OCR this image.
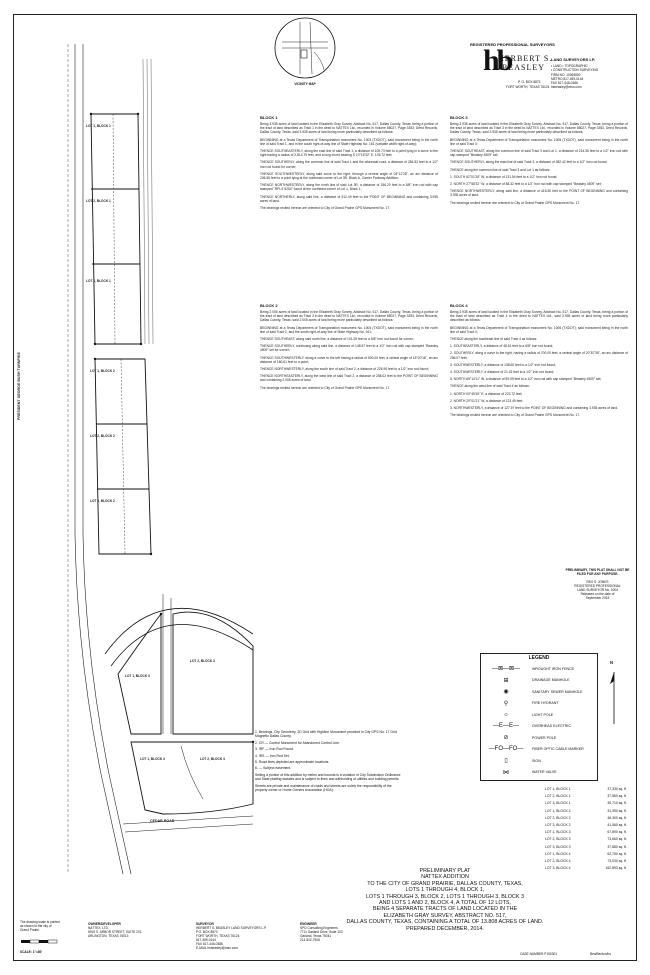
LOT 1, BLOCK 1
LOT 2, BLOCK 1
LOT 3, BLOCK 1
LOT 1, BLOCK 2
LOT 2, BLOCK 2
LOT 3, BLOCK 2
LOT 1, BLOCK 3
LOT 2, BLOCK 3
LOT 1, BLOCK 4	LOT 2, BLOCK 4
PRESIDENT GEORGE BUSH TURNPIKE
CEDAR ROAD
VICINITY MAP
REGISTERED PROFESSIONAL SURVEYORS
hb
HERBERT S.
BEASLEY
LAND SURVEYORS LP.
• LAND • TOPOGRAPHIC
• CONSTRUCTION SURVEYING
FIRM NO. 10069800
METRO 817-459-0144
FAX 817-446-0486
hsbeasley@msn.com
P. O. BOX 8873
FORT WORTH, TEXAS 76124
BLOCK 1

Being 3.935 acres of land located in the Elizabeth Gray Survey, Abstract No. 517, Dallas County, Texas, being a portion of the tract of land described as Tract 1 in the deed to NATTEX Ltd., recorded in Volume 85027, Page 3353, Deed Records, Dallas County, Texas, said 3.935 acres of land being more particularly described as follows:

BEGINNING at a Texas Department of Transportation monument No. 1003 (TXDOT), said monument being in the north line of said Tract 1, and in the south right-of-way line of State Highway No. 161 (variable width right-of-way);

THENCE SOUTHEASTERLY, along the east line of said Tract 1, a distance of 105.73 feet to a point lying in a curve to the right having a radius of 2,814.79 feet, and a long chord bearing S 10°15'32" E, 105.72 feet;

THENCE SOUTHERLY, along the common line of said Tract 1 and the aforesaid road, a distance of 284.52 feet to a 1/2" iron rod found for corner;

THENCE SOUTHWESTERLY, along said curve to the right, through a central angle of 04°12'28", an arc distance of 206.56 feet to a point lying at the northeast corner of Lot 3R, Block A, Carrier Parkway Addition;

THENCE NORTHWESTERLY, along the north line of said Lot 3R, a distance of 156.20 feet to a 5/8" iron rod with cap stamped "RPLS 5204" found at the northeast corner of Lot 1, Block 1;

THENCE NORTHERLY, along said line, a distance of 512.49 feet to the POINT OF BEGINNING and containing 3.935 acres of land.

The bearings recited hereon are oriented to City of Grand Prairie GPS Monument No. 17.

BLOCK 2

Being 2.005 acres of land located in the Elizabeth Gray Survey, Abstract No. 517, Dallas County, Texas, being a portion of the tract of land described as Tract 2 in the deed to NATTEX Ltd., recorded in Volume 85027, Page 3353, Deed Records, Dallas County, Texas, said 2.005 acres of land being more particularly described as follows:

BEGINNING at a Texas Department of Transportation monument No. 1004 (TXDOT), said monument being in the north line of said Tract 2, and the south right-of-way line of State Highway No. 161;

THENCE SOUTHEAST, along said north line, a distance of 101.25 feet to a 5/8" iron rod found for corner;

THENCE SOUTHERLY, continuing along said line, a distance of 148.57 feet to a 1/2" iron rod with cap stamped "Beasley 4509" set for corner;

THENCE SOUTHWESTERLY, along a curve to the left having a radius of 600.00 feet, a central angle of 15°20'18", an arc distance of 160.61 feet to a point;

THENCE NORTHWESTERLY, along the south line of said Tract 2, a distance of 226.90 feet to a 1/2" iron rod found;

THENCE NORTHEASTERLY, along the west line of said Tract 2, a distance of 258.02 feet to the POINT OF BEGINNING and containing 2.005 acres of land.

The bearings recited hereon are oriented to City of Grand Prairie GPS Monument No. 17.

BLOCK 3

Being 3.935 acres of land located in the Elizabeth Gray Survey, Abstract No. 517, Dallas County, Texas, being a portion of the tract of land described as Tract 3 in the deed to NATTEX Ltd., recorded in Volume 85027, Page 3353, Deed Records, Dallas County, Texas, said 3.935 acres of land being more particularly described as follows:

BEGINNING at a Texas Department of Transportation monument No. 1005 (TXDOT), said monument being in the north line of said Tract 3;

THENCE SOUTHEAST, along the common line of said Tract 3 and Lot 1, a distance of 214.36 feet to a 1/2" iron rod with cap stamped "Beasley 4509" set;

THENCE SOUTHERLY, along the east line of said Tract 3, a distance of 382.42 feet to a 1/2" iron rod found;

THENCE along the common line of said Tract 3 and Lot 1 as follows:

1. SOUTH 62°01'28" W, a distance of 131.54 feet to a 1/2" iron rod found;

2. NORTH 27°58'32" W, a distance of 88.32 feet to a 1/2" iron rod with cap stamped "Beasley 4509" set;

THENCE NORTHWESTERLY, along said line, a distance of 416.50 feet to the POINT OF BEGINNING and containing 3.935 acres of land.

The bearings recited hereon are oriented to City of Grand Prairie GPS Monument No. 17.

BLOCK 4

Being 3.935 acres of land located in the Elizabeth Gray Survey, Abstract No. 517, Dallas County, Texas, being a portion of the tract of land described as Tract 4 in the deed to NATTEX Ltd., said 3.935 acres of land being more particularly described as follows:

BEGINNING at a Texas Department of Transportation monument No. 1006 (TXDOT), said monument being in the north line of said Tract 4;

THENCE along the southeast line of said Tract 4 as follows:

1. SOUTHEASTERLY, a distance of 48.51 feet to a 5/8" iron rod found;

2. SOUTHERLY, along a curve to the right, having a radius of 700.00 feet, a central angle of 20°57'35", an arc distance of 256.07 feet;

3. SOUTHWESTERLY, a distance of 138.60 feet to a 1/2" iron rod found;

4. SOUTHWESTERLY, a distance of 21.43 feet to a 1/2" iron rod found;

5. NORTH 89°14'11" W, a distance of 99.99 feet to a 1/2" iron rod with cap stamped "Beasley 4509" set;

THENCE along the west line of said Tract 4 as follows:

1. NORTH 00°45'49" E, a distance of 223.72 feet;

2. NORTH 20°01'21" W, a distance of 123.49 feet;

3. NORTHWESTERLY, a distance of 127.97 feet to the POINT OF BEGINNING and containing 3.935 acres of land.

The bearings recited hereon are oriented to City of Grand Prairie GPS Monument No. 17.

PRELIMINARY, THIS PLAT SHALL NOT BE
FILED FOR ANY PURPOSE.
REX S. JONES
REGISTERED PROFESSIONAL
LAND SURVEYOR No. 5204
Released on the date of
September 2015
LEGEND
—⊠—⊠—	WROUGHT IRON FENCE
⊞	DRAINAGE MANHOLE
◉	SANITARY SEWER MANHOLE
⚲	FIRE HYDRANT
☼	LIGHT POLE
—E—E—	OVERHEAD ELECTRIC
⊘	POWER POLE
—FO—FO—	FIBER OPTIC CABLE MARKER
▯	SIGN
⋈	WATER VALVE
N
1. Bearings, City Geometry, 2D Grid with Highline Monument provided in City GPS No. 17 Grid Magnetic Dallas County.
2. CR — Control Monument for Abandoned Control Line.
3. IRF — Iron Rod Found.
4. IRS — Iron Rod Set.
5. Road lines depicted are approximate locations.
6. — Subject easement.
Selling a portion of this addition by metes and bounds is a violation of City Subdivision Ordinance and State platting statutes and is subject to fines and withholding of utilities and building permits.
Streets are private and maintenance of roads and streets are solely the responsibility of the property owner or Home Owners Association (HOA).	LOT 1, BLOCK 1	37,330 sq. ft.
LOT 2, BLOCK 1	37,560 sq. ft.
LOT 3, BLOCK 1	30,710 sq. ft.
LOT 1, BLOCK 2	31,390 sq. ft.
LOT 2, BLOCK 2	46,300 sq. ft.
LOT 3, BLOCK 2	41,560 sq. ft.
LOT 1, BLOCK 3	67,890 sq. ft.
LOT 2, BLOCK 3	73,660 sq. ft.
LOT 3, BLOCK 3	37,880 sq. ft.
LOT 1, BLOCK 4	62,750 sq. ft.
LOT 2, BLOCK 4	73,030 sq. ft.
LOT 3, BLOCK 4	162,893 sq. ft.
PRELIMINARY PLAT
NATTEX ADDITION
TO THE CITY OF GRAND PRAIRIE, DALLAS COUNTY, TEXAS,
LOTS 1 THROUGH 4, BLOCK 1,
LOTS 1 THROUGH 3, BLOCK 2, LOTS 1 THROUGH 3, BLOCK 3
AND LOTS 1 AND 2, BLOCK 4, A TOTAL OF 12 LOTS,
BEING 4 SEPARATE TRACTS OF LAND LOCATED IN THE
ELIZABETH GRAY SURVEY, ABSTRACT NO. 517,
DALLAS COUNTY, TEXAS, CONTAINING A TOTAL OF 13.808 ACRES OF LAND.
PREPARED DECEMBER, 2014.
The drawing scale is printed as shown to the city of Grand Prairie.
SCALE: 1"=80'
OWNER/DEVELOPER
NATTEX, LTD.
5915 S. ARBOR STREET, SUITE 201
ARLINGTON, TEXAS 76013
SURVEYOR
HERBERT S. BEASLEY LAND SURVEYORS L.P.
P.O. BOX 8873
FORT WORTH, TEXAS 76124
817-459-0144
FAX 817-446-0486
E-MAIL hsbeasley@msn.com
ENGINEER
SPD Consulting Engineers
7711 Garland Drive, Suite 103
Garland, Texas 75041
214-502-7508
CASE NUMBER P150301	Bea/Benton/bs
